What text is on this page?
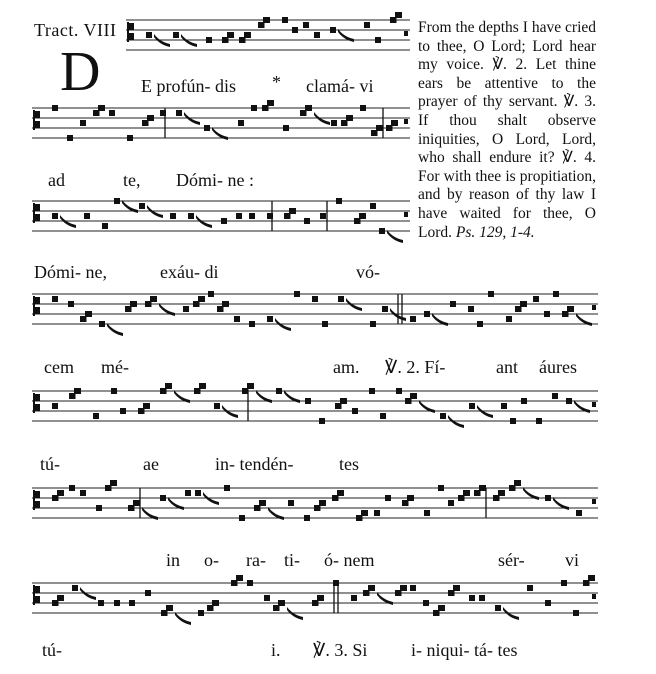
Tract. VIII
D E profún- dis * clamá- vi
ad	te, Dómi- ne :
Dómi- ne,	exáu- di	vó-
From the depths I have cried to thee, O Lord; Lord hear my voice. ℣. 2. Let thine ears be attentive to the prayer of thy servant. ℣. 3. If thou shalt observe iniquities, O Lord, Lord, who shall endure it? ℣. 4. For with thee is propitiation, and by reason of thy law I have waited for thee, O Lord. Ps. 129, 1-4.
cem mé-	am. ℣. 2. Fí-	ant áures
tú-	ae	in- tendén-	tes
in o- ra- ti- ó- nem	sér- vi
tú-	i. ℣. 3. Si i- niqui- tá- tes
